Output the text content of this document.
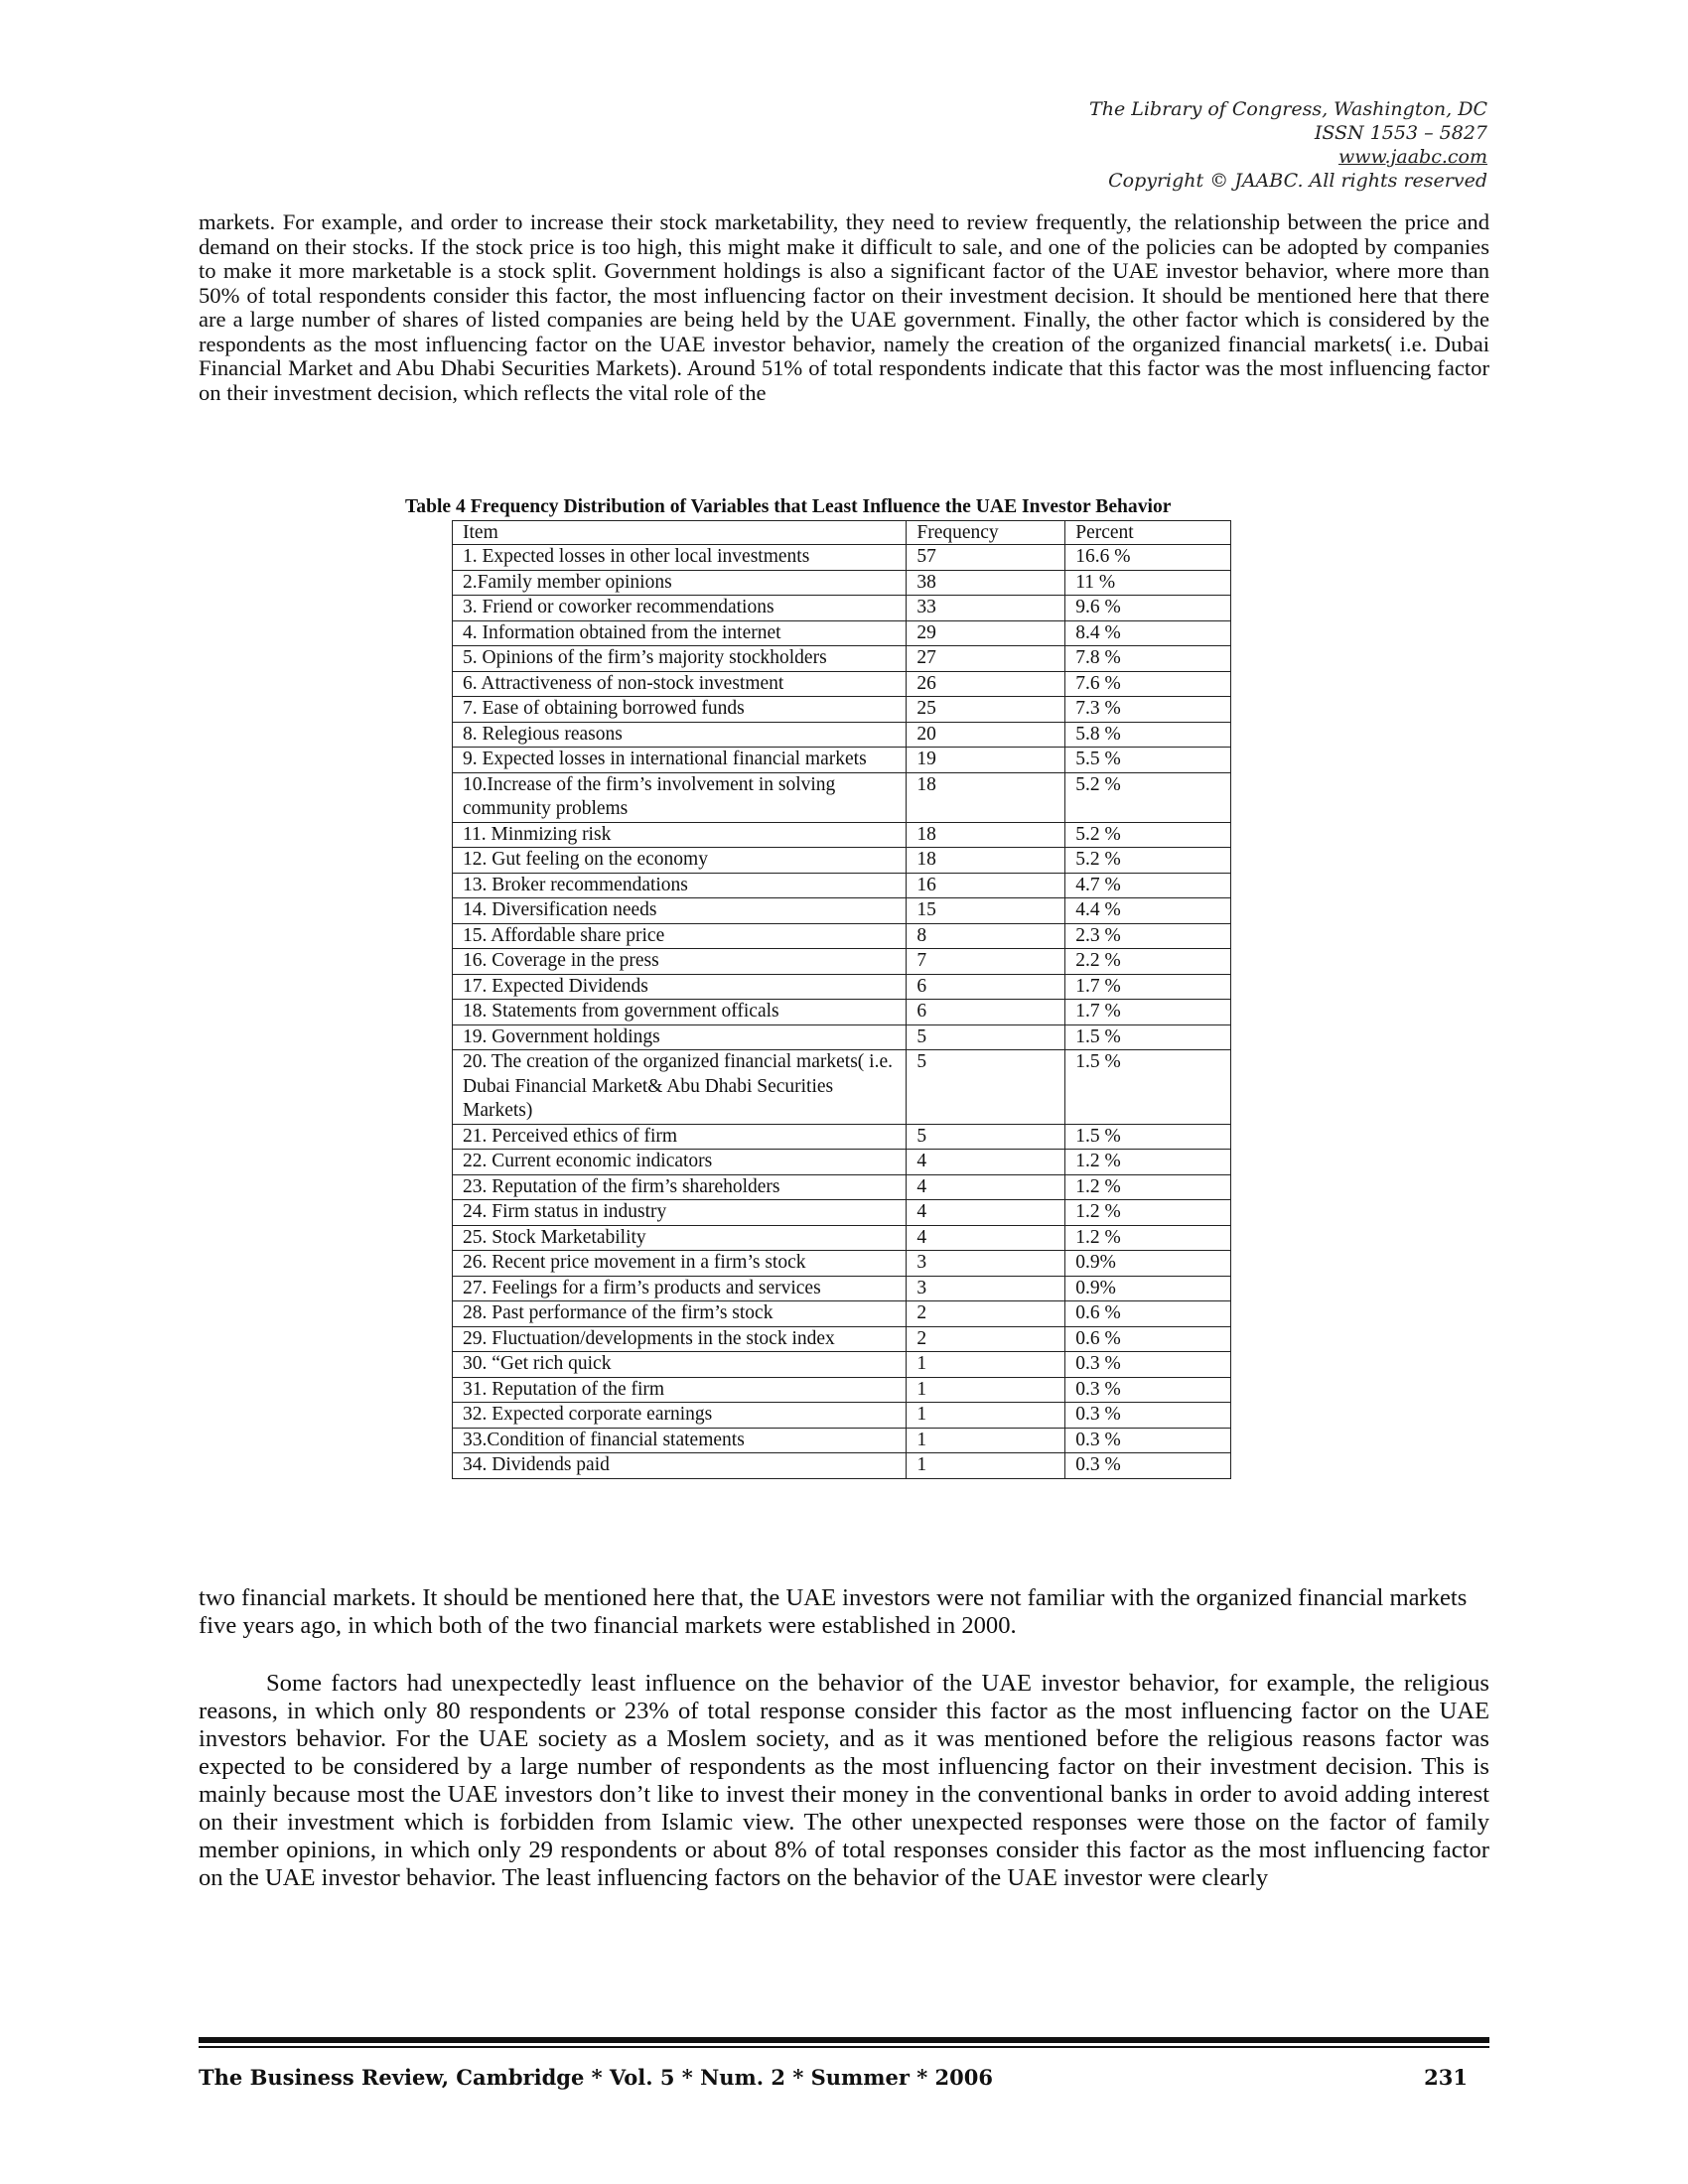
The Library of Congress, Washington, DC
ISSN 1553 – 5827
www.jaabc.com
Copyright © JAABC. All rights reserved
markets. For example, and order to increase their stock marketability, they need to review frequently, the relationship between the price and demand on their stocks. If the stock price is too high, this might make it difficult to sale, and one of the policies can be adopted by companies to make it more marketable is a stock split. Government holdings is also a significant factor of the UAE investor behavior, where more than 50% of total respondents consider this factor, the most influencing factor on their investment decision. It should be mentioned here that there are a large number of shares of listed companies are being held by the UAE government. Finally, the other factor which is considered by the respondents as the most influencing factor on the UAE investor behavior, namely the creation of the organized financial markets( i.e. Dubai Financial Market and Abu Dhabi Securities Markets). Around 51% of total respondents indicate that this factor was the most influencing factor on their investment decision, which reflects the vital role of the
Table 4 Frequency Distribution of Variables that Least Influence the UAE Investor Behavior
Item	Frequency	Percent
1. Expected losses in other local investments	57	16.6 %
2.Family member opinions	38	11 %
3. Friend or coworker recommendations	33	9.6 %
4. Information obtained from the internet	29	8.4 %
5. Opinions of the firm’s majority stockholders	27	7.8 %
6. Attractiveness of non-stock investment	26	7.6 %
7. Ease of obtaining borrowed funds	25	7.3 %
8. Relegious reasons	20	5.8 %
9. Expected losses in international financial markets	19	5.5 %
10.Increase of the firm’s involvement in solving community problems	18	5.2 %
11. Minmizing risk	18	5.2 %
12. Gut feeling on the economy	18	5.2 %
13. Broker recommendations	16	4.7 %
14. Diversification needs	15	4.4 %
15. Affordable share price	8	2.3 %
16. Coverage in the press	7	2.2 %
17. Expected Dividends	6	1.7 %
18. Statements from government officals	6	1.7 %
19. Government holdings	5	1.5 %
20. The creation of the organized financial markets( i.e. Dubai Financial Market& Abu Dhabi Securities Markets)	5	1.5 %
21. Perceived ethics of firm	5	1.5 %
22. Current economic indicators	4	1.2 %
23. Reputation of the firm’s shareholders	4	1.2 %
24. Firm status in industry	4	1.2 %
25. Stock Marketability	4	1.2 %
26. Recent price movement in a firm’s stock	3	0.9%
27. Feelings for a firm’s products and services	3	0.9%
28. Past performance of the firm’s stock	2	0.6 %
29. Fluctuation/developments in the stock index	2	0.6 %
30. “Get rich quick	1	0.3 %
31. Reputation of the firm	1	0.3 %
32. Expected corporate earnings	1	0.3 %
33.Condition of financial statements	1	0.3 %
34. Dividends paid	1	0.3 %
two financial markets. It should be mentioned here that, the UAE investors were not familiar with the organized financial markets five years ago, in which both of the two financial markets were established in 2000.
Some factors had unexpectedly least influence on the behavior of the UAE investor behavior, for example, the religious reasons, in which only 80 respondents or 23% of total response consider this factor as the most influencing factor on the UAE investors behavior. For the UAE society as a Moslem society, and as it was mentioned before the religious reasons factor was expected to be considered by a large number of respondents as the most influencing factor on their investment decision. This is mainly because most the UAE investors don’t like to invest their money in the conventional banks in order to avoid adding interest on their investment which is forbidden from Islamic view. The other unexpected responses were those on the factor of family member opinions, in which only 29 respondents or about 8% of total responses consider this factor as the most influencing factor on the UAE investor behavior. The least influencing factors on the behavior of the UAE investor were clearly
The Business Review, Cambridge * Vol. 5 * Num. 2 * Summer * 2006	231
